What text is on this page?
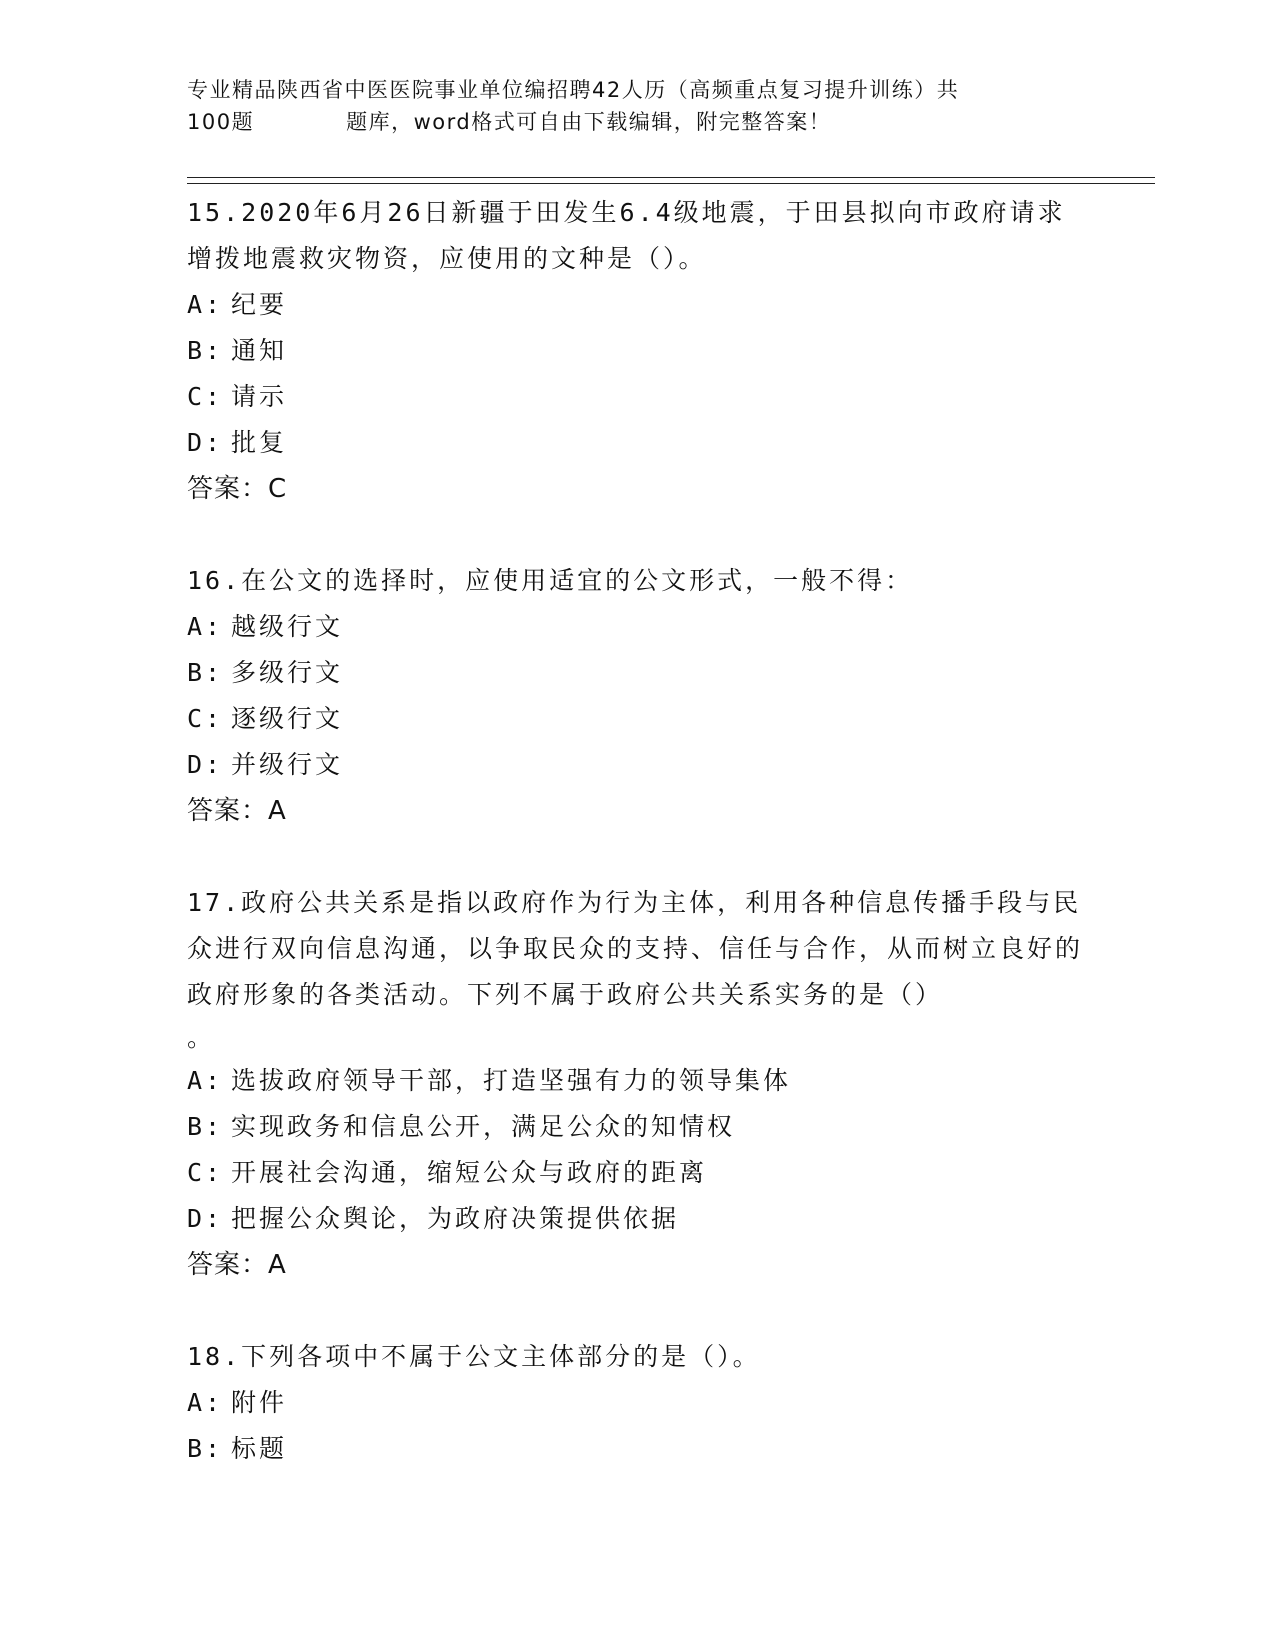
专业精品陕西省中医医院事业单位编招聘42人历（高频重点复习提升训练）共
100题	题库，word格式可自由下载编辑，附完整答案！
15.2020年6月26日新疆于田发生6.4级地震，于田县拟向市政府请求增拨地震救灾物资，应使用的文种是（）。
A: 纪要
B: 通知
C: 请示
D: 批复
答案：C
16.在公文的选择时，应使用适宜的公文形式，一般不得：
A: 越级行文
B: 多级行文
C: 逐级行文
D: 并级行文
答案：A
17.政府公共关系是指以政府作为行为主体，利用各种信息传播手段与民众进行双向信息沟通，以争取民众的支持、信任与合作，从而树立良好的政府形象的各类活动。下列不属于政府公共关系实务的是（）
。
A: 选拔政府领导干部，打造坚强有力的领导集体
B: 实现政务和信息公开，满足公众的知情权
C: 开展社会沟通，缩短公众与政府的距离
D: 把握公众舆论，为政府决策提供依据
答案：A
18.下列各项中不属于公文主体部分的是（）。
A: 附件
B: 标题
